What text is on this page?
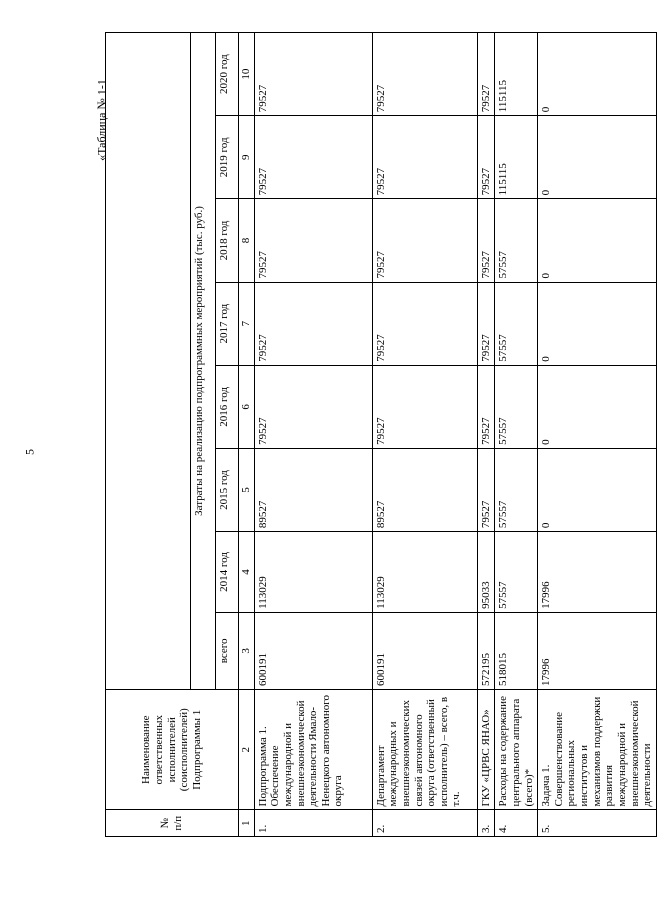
5
«Таблица № 1-1
№ п/п	Наименование ответственных исполнителей (соисполнителей) Подпрограммы 1								
		Затраты на реализацию подпрограммных мероприятий (тыс. руб.)							
		всего	2014 год	2015 год	2016 год	2017 год	2018 год	2019 год	2020 год
1	2	3	4	5	6	7	8	9	10
1.	Подпрограмма 1. Обеспечение международной и внешнеэкономической деятельности Ямало-Ненецкого автономного округа	600191	113029	89527	79527	79527	79527	79527	79527
2.	Департамент международных и внешнеэкономических связей автономного округа (ответственный исполнитель) – всего, в т.ч.	600191	113029	89527	79527	79527	79527	79527	79527
3.	ГКУ «ЦРВС ЯНАО»	572195	95033	79527	79527	79527	79527	79527	79527
4.	Расходы на содержание центрального аппарата (всего)*	518015	57557	57557	57557	57557	57557	115115	115115
5.	Задача 1. Совершенствование региональных институтов и механизмов поддержки развития международной и внешнеэкономической деятельности	17996	17996	0	0	0	0	0	0
